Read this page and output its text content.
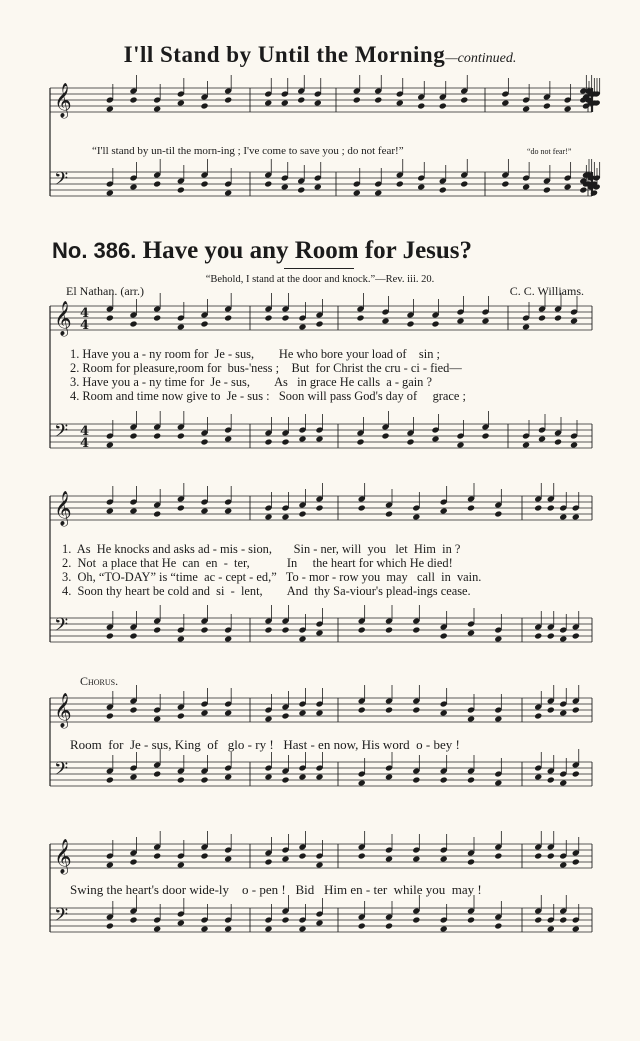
I'll Stand by Until the Morning—continued.
𝄞
𝄢
𝄞
𝄢
4
4
4
4
𝄞
𝄢
𝄞
𝄢
𝄞
𝄢
“I'll stand by un-til the morn-ing ; I've come to save you ; do not fear!”	“do not fear!”
No. 386. Have you any Room for Jesus?
“Behold, I stand at the door and knock.”—Rev. iii. 20.
El Nathan. (arr.)	C. C. Williams.
1. Have you a - ny room for  Je - sus,        He who bore your load of    sin ;
2. Room for pleasure,room for  bus-'ness ;    But  for Christ the cru - ci - fied—
3. Have you a - ny time for  Je - sus,        As   in grace He calls  a - gain ?
4. Room and time now give to  Je - sus :   Soon will pass God's day of     grace ;
1.  As  He knocks and asks ad - mis - sion,       Sin - ner, will  you   let  Him  in ?
2.  Not  a place that He  can  en  -  ter,            In     the heart for which He died!
3.  Oh, “TO-DAY” is “time  ac - cept - ed,”   To - mor - row you  may   call  in  vain.
4.  Soon thy heart be cold and  si  -  lent,        And  thy Sa-viour's plead-ings cease.
Chorus.
Room  for  Je - sus, King  of   glo - ry !   Hast - en now, His word  o - bey !
Swing the heart's door wide-ly    o - pen !   Bid   Him en - ter  while you  may !
